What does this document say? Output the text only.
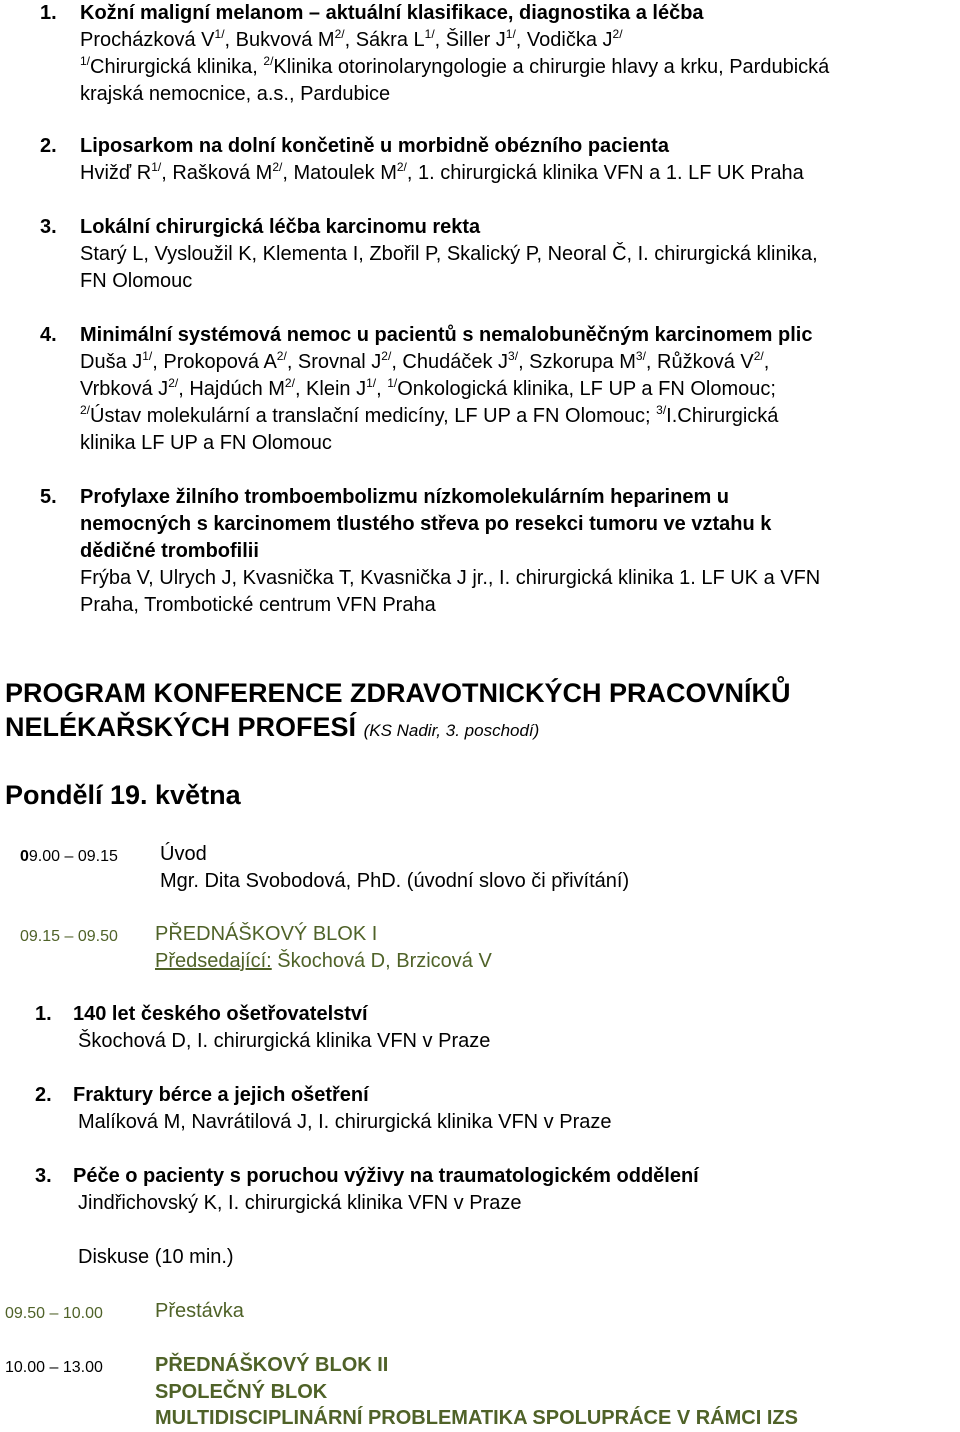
1. Kožní maligní melanom – aktuální klasifikace, diagnostika a léčba
Procházková $V^{1/}$, Bukvová $M^{2/}$, Sákra $L^{1/}$, Šiller $J^{1/}$, Vodička $J^{2/}$
$^{1/}$Chirurgická klinika, $^{2/}$Klinika otorinolaryngologie a chirurgie hlavy a krku, Pardubická
krajská nemocnice, a.s., Pardubice
2. Liposarkom na dolní končetině u morbidně obézního pacienta
Hvižď $R^{1/}$, Rašková $M^{2/}$, Matoulek $M^{2/}$, 1. chirurgická klinika VFN a 1. LF UK Praha
3. Lokální chirurgická léčba karcinomu rekta
Starý L, Vysloužil K, Klementa I, Zbořil P, Skalický P, Neoral Č, I. chirurgická klinika,
FN Olomouc
4. Minimální systémová nemoc u pacientů s nemalobuněčným karcinomem plic
Duša $J^{1/}$, Prokopová $A^{2/}$, Srovnal $J^{2/}$, Chudáček $J^{3/}$, Szkorupa $M^{3/}$, Růžková $V^{2/}$,
Vrbková $J^{2/}$, Hajdúch $M^{2/}$, Klein $J^{1/}$, $^{1/}$Onkologická klinika, LF UP a FN Olomouc;
$^{2/}$Ústav molekulární a translační medicíny, LF UP a FN Olomouc; $^{3/}$I.Chirurgická
klinika LF UP a FN Olomouc
5. Profylaxe žilního tromboembolizmu nízkomolekulárním heparinem u
nemocných s karcinomem tlustého střeva po resekci tumoru ve vztahu k
dědičné trombofilii
Frýba V, Ulrych J, Kvasnička T, Kvasnička J jr., I. chirurgická klinika 1. LF UK a VFN
Praha, Trombotické centrum VFN Praha
PROGRAM KONFERENCE ZDRAVOTNICKÝCH PRACOVNÍKŮ
NELÉKAŘSKÝCH PROFESÍ (KS Nadir, 3. poschodí)
Pondělí 19. května
09.00 – 09.15 Úvod
Mgr. Dita Svobodová, PhD. (úvodní slovo či přivítání)
09.15 – 09.50 PŘEDNÁŠKOVÝ BLOK I
Předsedající: Škochová D, Brzicová V
1. 140 let českého ošetřovatelství
Škochová D, I. chirurgická klinika VFN v Praze
2. Fraktury bérce a jejich ošetření
Malíková M, Navrátilová J, I. chirurgická klinika VFN v Praze
3. Péče o pacienty s poruchou výživy na traumatologickém oddělení
Jindřichovský K, I. chirurgická klinika VFN v Praze
Diskuse (10 min.)
09.50 – 10.00	Přestávka
10.00 – 13.00	PŘEDNÁŠKOVÝ BLOK II
SPOLEČNÝ BLOK
MULTIDISCIPLINÁRNÍ PROBLEMATIKA SPOLUPRÁCE V RÁMCI IZS
